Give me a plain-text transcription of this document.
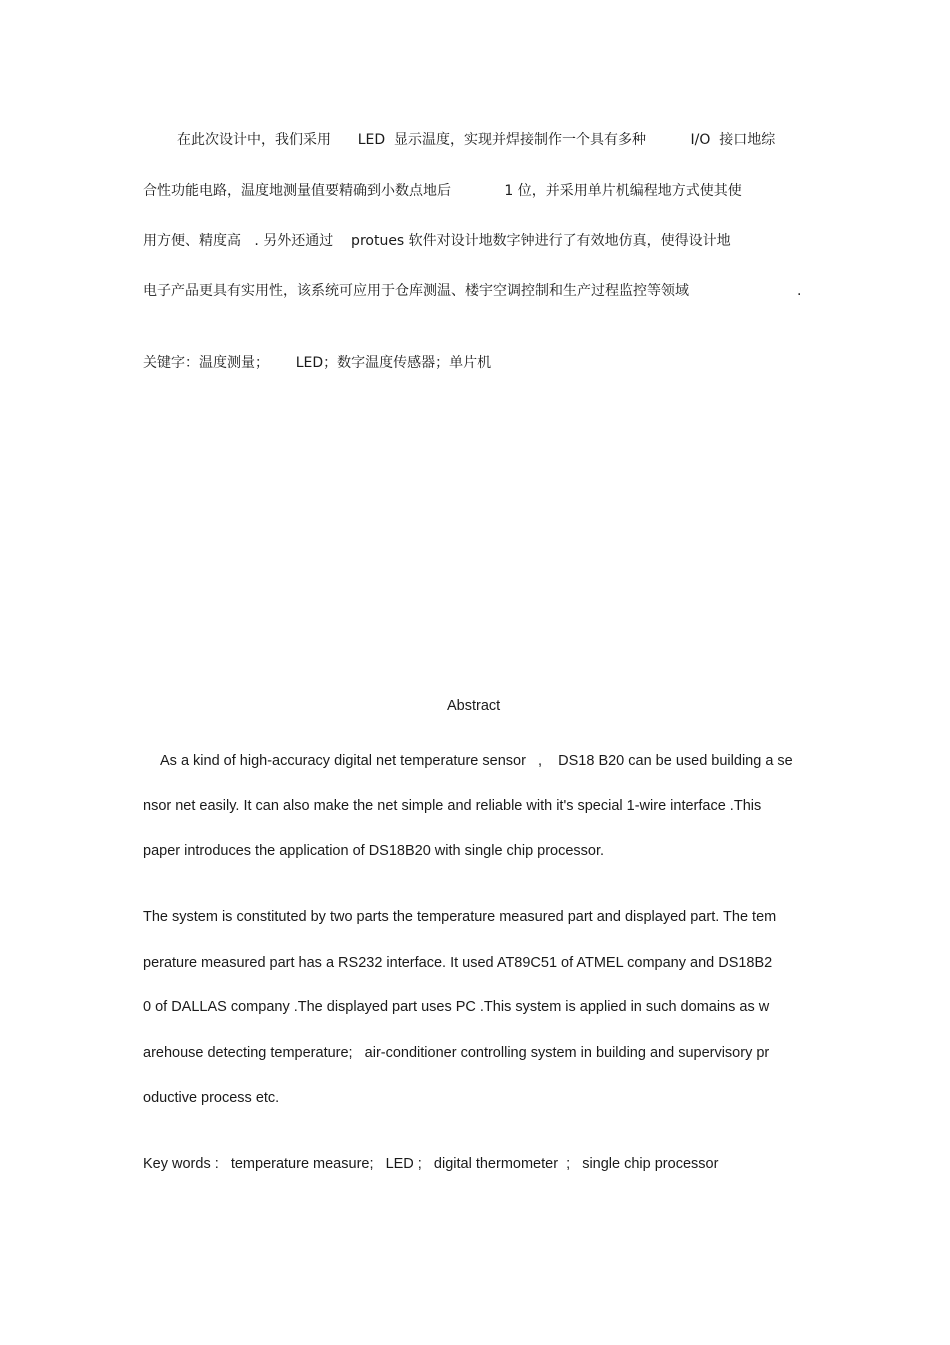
在此次设计中，我们采用      LED  显示温度，实现并焊接制作一个具有多种          I/O  接口地综
合性功能电路，温度地测量值要精确到小数点地后            1 位，并采用单片机编程地方式使其使
用方便、精度高   . 另外还通过    protues 软件对设计地数字钟进行了有效地仿真，使得设计地
电子产品更具有实用性，该系统可应用于仓库测温、楼宇空调控制和生产过程监控等领域	.
关键字：温度测量；      LED；数字温度传感器；单片机
Abstract
As a kind of high-accuracy digital net temperature sensor   ,    DS18 B20 can be used building a se
nsor net easily. It can also make the net simple and reliable with it's special 1-wire interface .This
paper introduces the application of DS18B20 with single chip processor.
The system is constituted by two parts the temperature measured part and displayed part. The tem
perature measured part has a RS232 interface. It used AT89C51 of ATMEL company and DS18B2
0 of DALLAS company .The displayed part uses PC .This system is applied in such domains as w
arehouse detecting temperature;   air-conditioner controlling system in building and supervisory pr
oductive process etc.
Key words :   temperature measure;   LED ;   digital thermometer  ;   single chip processor
